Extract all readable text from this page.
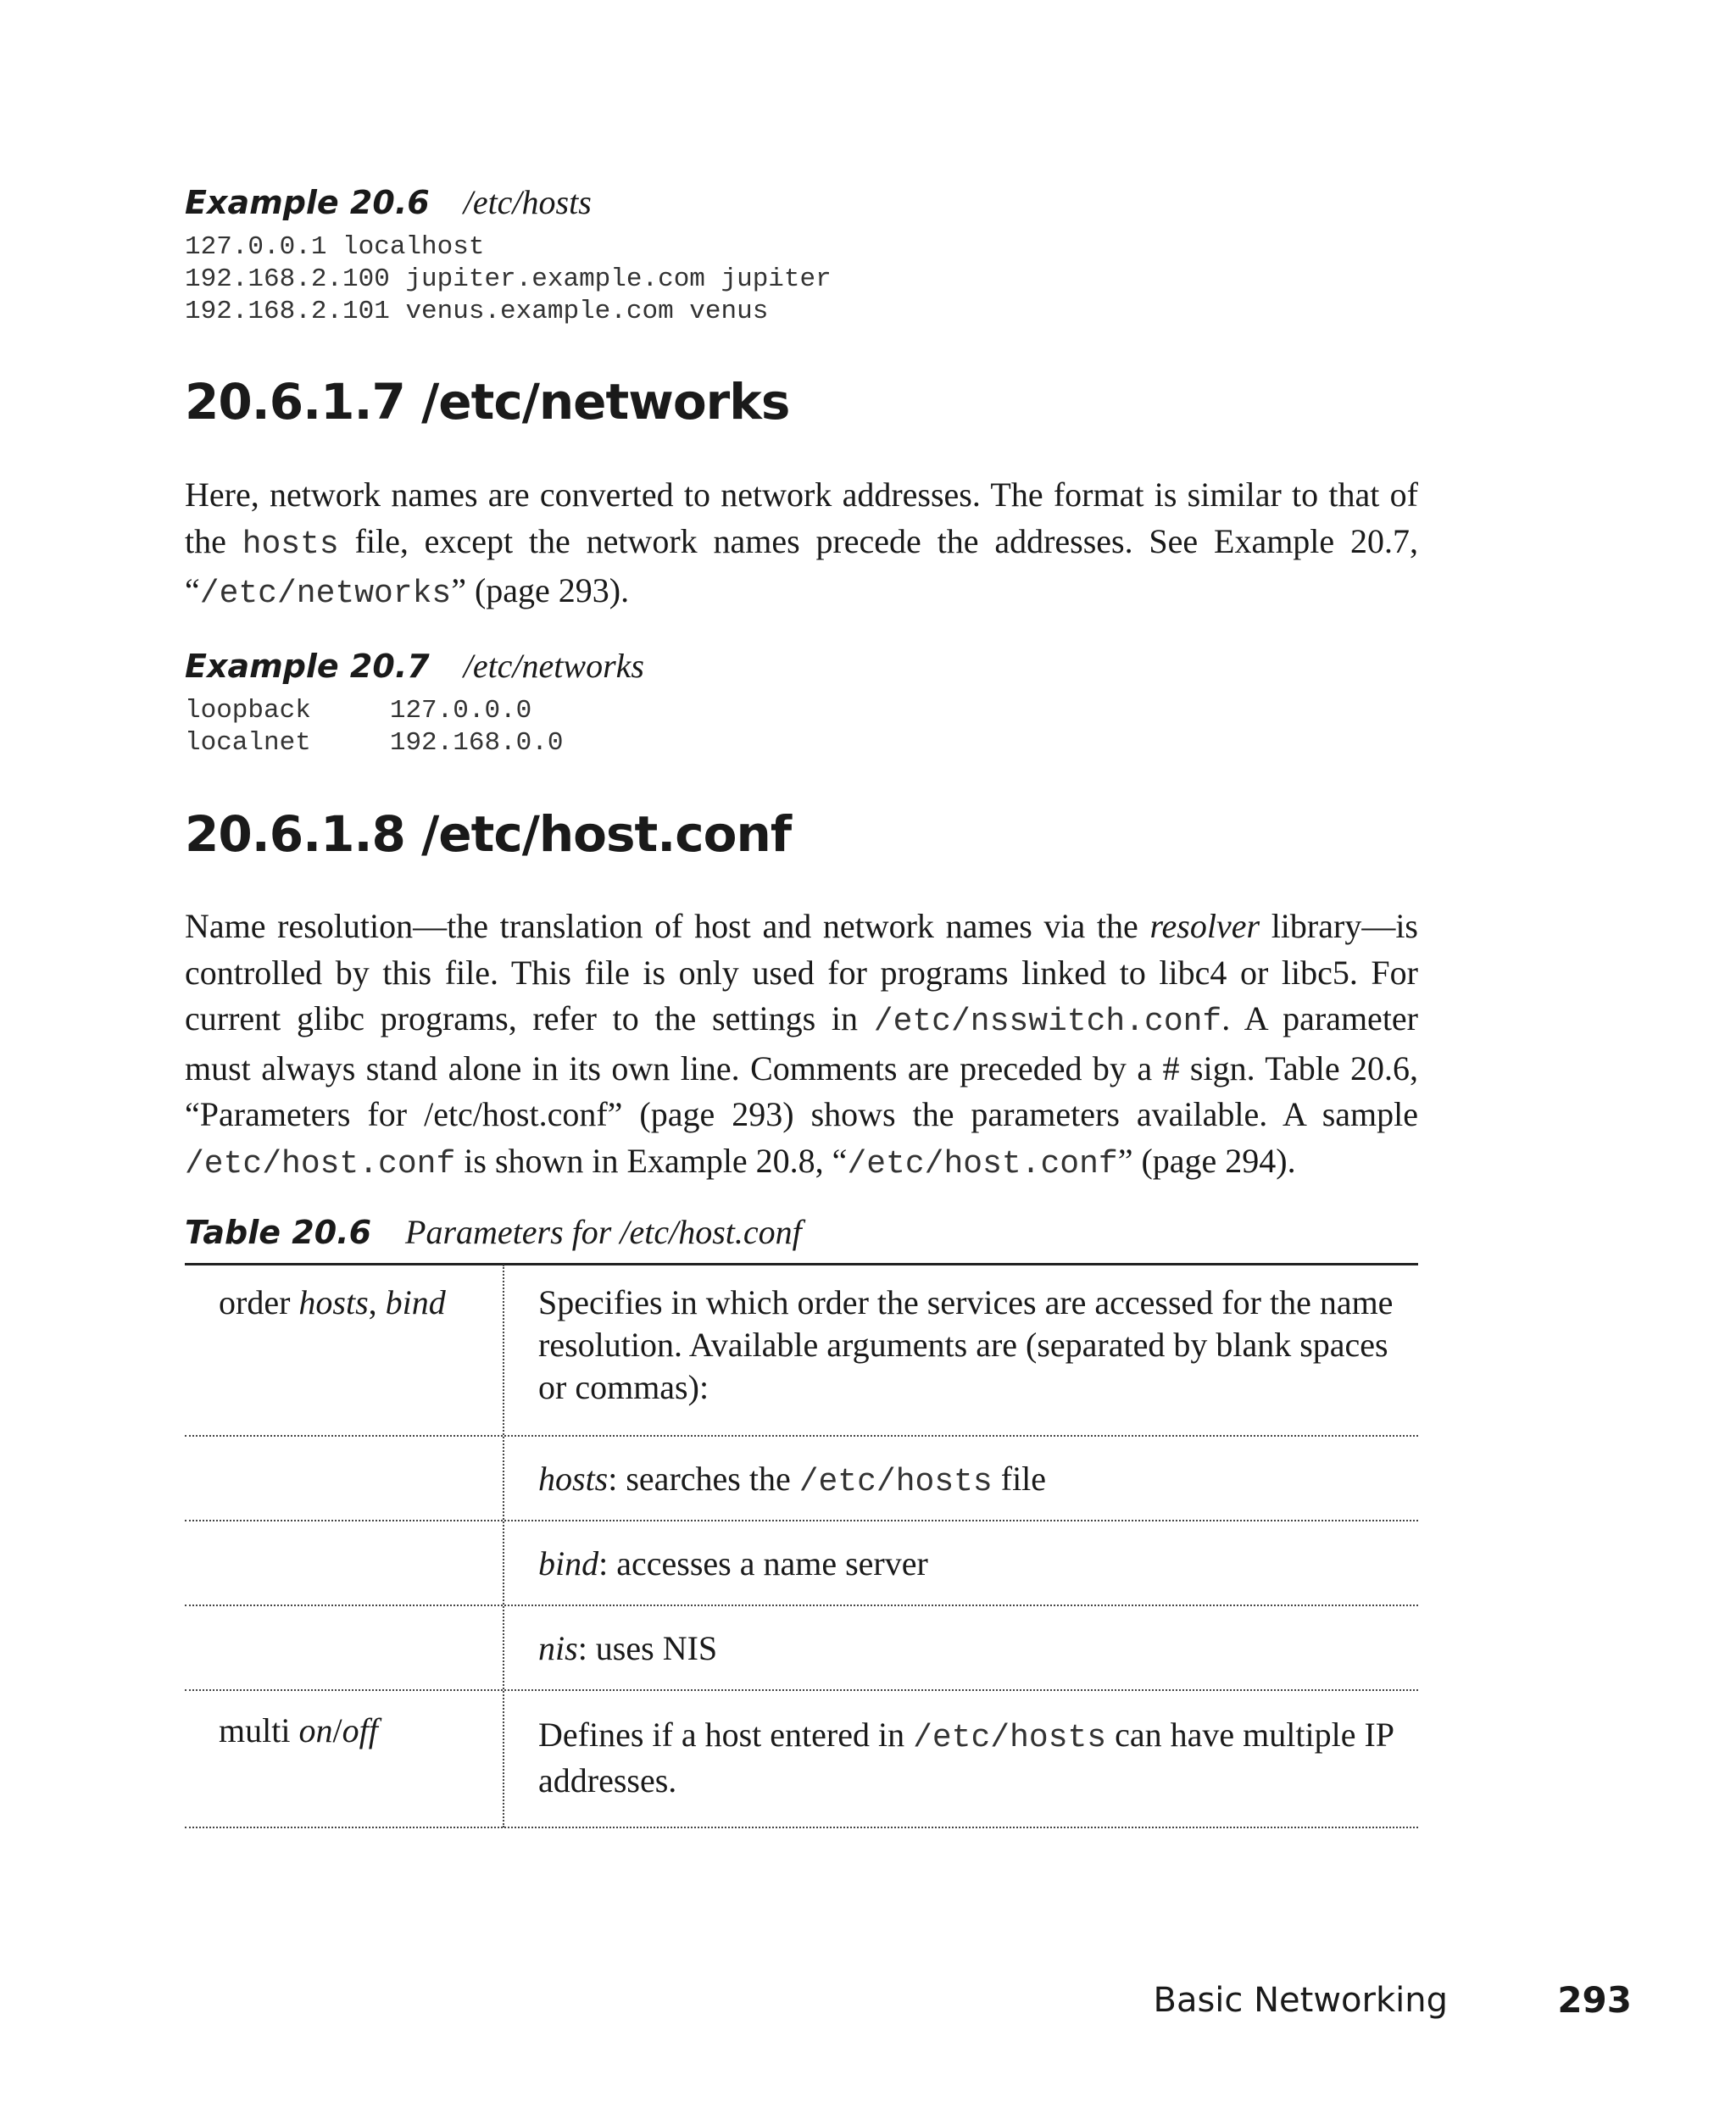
Example 20.6 /etc/hosts
127.0.0.1 localhost
192.168.2.100 jupiter.example.com jupiter
192.168.2.101 venus.example.com venus
20.6.1.7 /etc/networks
Here, network names are converted to network addresses. The format is similar to that of the hosts file, except the network names precede the addresses. See Example 20.7, “/etc/networks” (page 293).
Example 20.7 /etc/networks
loopback     127.0.0.0
localnet     192.168.0.0
20.6.1.8 /etc/host.conf
Name resolution—the translation of host and network names via the resolver library—is controlled by this file. This file is only used for programs linked to libc4 or libc5. For current glibc programs, refer to the settings in /etc/nsswitch.conf. A parameter must always stand alone in its own line. Comments are preceded by a # sign. Table 20.6, “Parameters for /etc/host.conf” (page 293) shows the parameters available. A sample /etc/host.conf is shown in Example 20.8, “/etc/host.conf” (page 294).
Table 20.6 Parameters for /etc/host.conf
order hosts, bind	Specifies in which order the services are accessed for the name resolution. Available arguments are (separated by blank spaces or commas):
hosts: searches the /etc/hosts file
bind: accesses a name server
nis: uses NIS
multi on/off	Defines if a host entered in /etc/hosts can have multiple IP addresses.
Basic Networking	293
